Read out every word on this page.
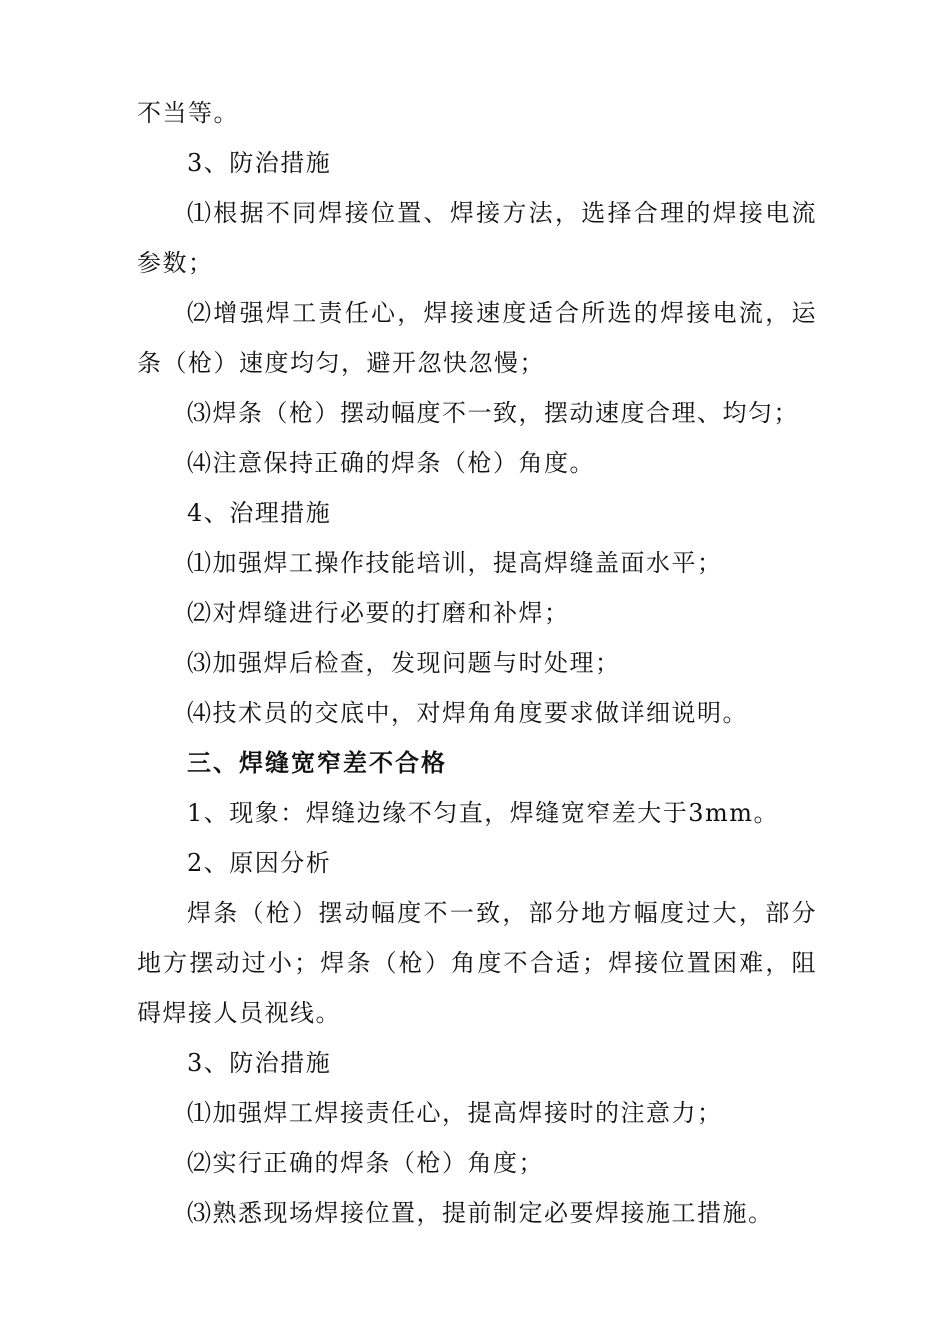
不当等。

3、防治措施

⑴根据不同焊接位置、焊接方法，选择合理的焊接电流参数；

⑵增强焊工责任心，焊接速度适合所选的焊接电流，运条（枪）速度均匀，避开忽快忽慢；

⑶焊条（枪）摆动幅度不一致，摆动速度合理、均匀；

⑷注意保持正确的焊条（枪）角度。

4、治理措施

⑴加强焊工操作技能培训，提高焊缝盖面水平；

⑵对焊缝进行必要的打磨和补焊；

⑶加强焊后检查，发现问题与时处理；

⑷技术员的交底中，对焊角角度要求做详细说明。

三、焊缝宽窄差不合格

1、现象：焊缝边缘不匀直，焊缝宽窄差大于3mm。

2、原因分析

焊条（枪）摆动幅度不一致，部分地方幅度过大，部分地方摆动过小；焊条（枪）角度不合适；焊接位置困难，阻碍焊接人员视线。

3、防治措施

⑴加强焊工焊接责任心，提高焊接时的注意力；

⑵实行正确的焊条（枪）角度；

⑶熟悉现场焊接位置，提前制定必要焊接施工措施。
